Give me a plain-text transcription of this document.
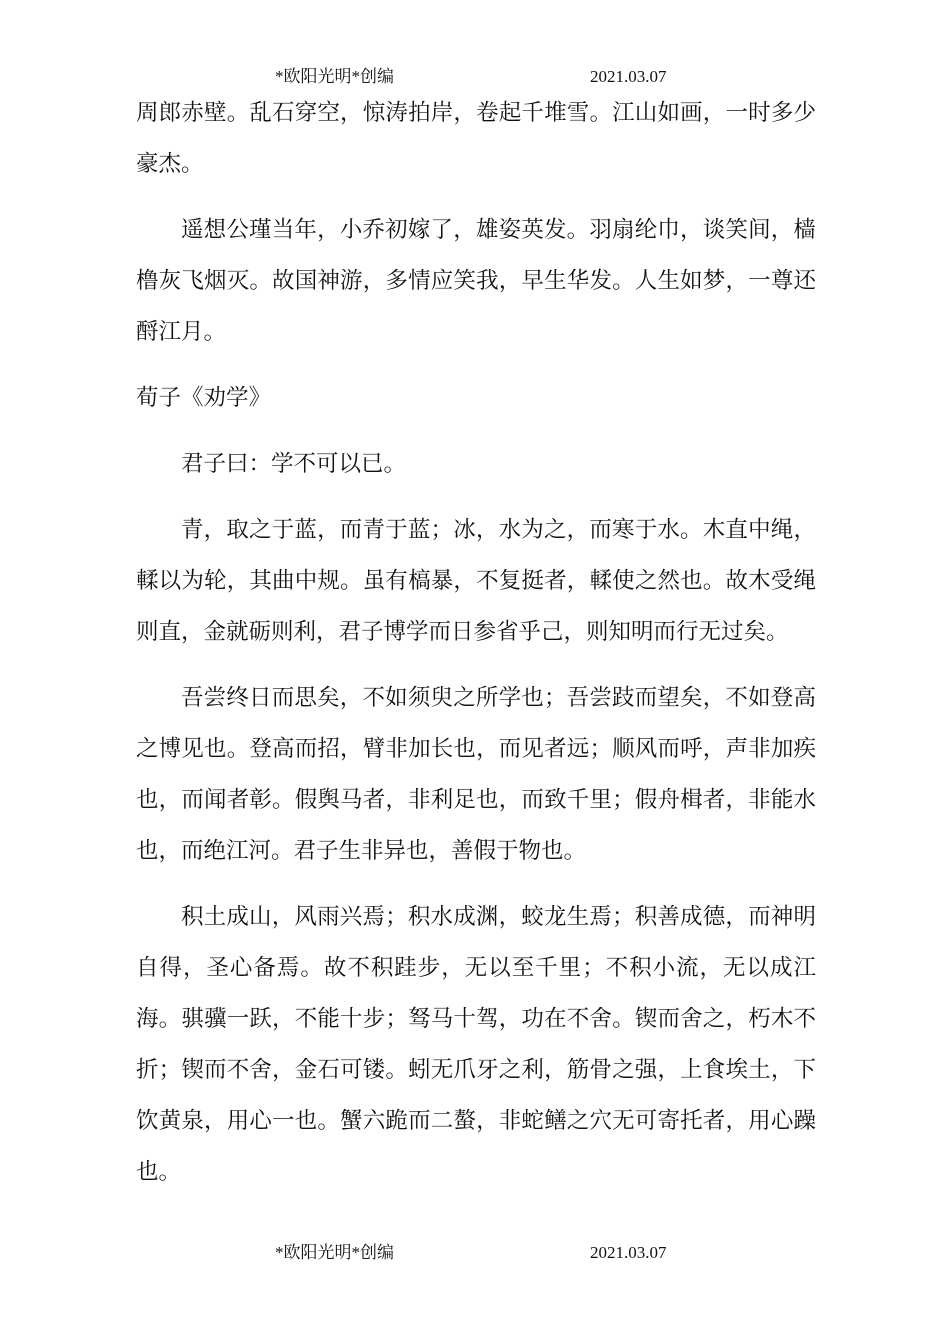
*欧阳光明*创编	2021.03.07

周郎赤壁。乱石穿空，惊涛拍岸，卷起千堆雪。江山如画，一时多少豪杰。

遥想公瑾当年，小乔初嫁了，雄姿英发。羽扇纶巾，谈笑间，樯橹灰飞烟灭。故国神游，多情应笑我，早生华发。人生如梦，一尊还酹江月。

荀子《劝学》

君子曰：学不可以已。

青，取之于蓝，而青于蓝；冰，水为之，而寒于水。木直中绳，輮以为轮，其曲中规。虽有槁暴，不复挺者，輮使之然也。故木受绳则直，金就砺则利，君子博学而日参省乎己，则知明而行无过矣。

吾尝终日而思矣，不如须臾之所学也；吾尝跂而望矣，不如登高之博见也。登高而招，臂非加长也，而见者远；顺风而呼，声非加疾也，而闻者彰。假舆马者，非利足也，而致千里；假舟楫者，非能水也，而绝江河。君子生非异也，善假于物也。

积土成山，风雨兴焉；积水成渊，蛟龙生焉；积善成德，而神明自得，圣心备焉。故不积跬步，无以至千里；不积小流，无以成江海。骐骥一跃，不能十步；驽马十驾，功在不舍。锲而舍之，朽木不折；锲而不舍，金石可镂。蚓无爪牙之利，筋骨之强，上食埃土，下饮黄泉，用心一也。蟹六跪而二螯，非蛇鳝之穴无可寄托者，用心躁也。

*欧阳光明*创编	2021.03.07
